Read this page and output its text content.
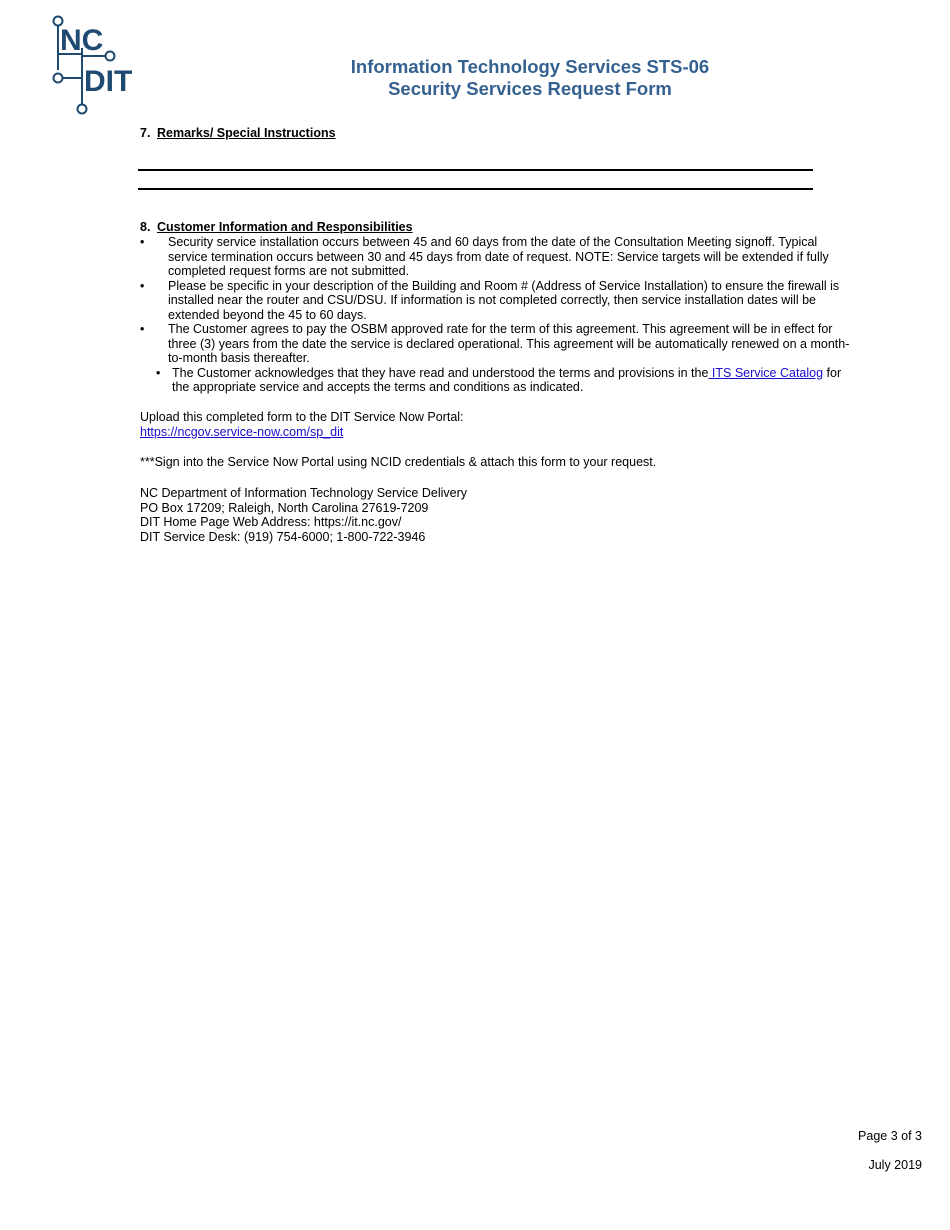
NC
DIT	Information Technology Services STS-06
Security Services Request Form
7. Remarks/ Special Instructions
8. Customer Information and Responsibilities
• Security service installation occurs between 45 and 60 days from the date of the Consultation Meeting signoff. Typical service termination occurs between 30 and 45 days from date of request. NOTE: Service targets will be extended if fully completed request forms are not submitted.
• Please be specific in your description of the Building and Room # (Address of Service Installation) to ensure the firewall is installed near the router and CSU/DSU. If information is not completed correctly, then service installation dates will be extended beyond the 45 to 60 days.
• The Customer agrees to pay the OSBM approved rate for the term of this agreement. This agreement will be in effect for three (3) years from the date the service is declared operational. This agreement will be automatically renewed on a month-to-month basis thereafter.
• The Customer acknowledges that they have read and understood the terms and provisions in the ITS Service Catalog for the appropriate service and accepts the terms and conditions as indicated.
Upload this completed form to the DIT Service Now Portal:
https://ncgov.service-now.com/sp_dit
***Sign into the Service Now Portal using NCID credentials & attach this form to your request.
NC Department of Information Technology Service Delivery
PO Box 17209; Raleigh, North Carolina 27619-7209
DIT Home Page Web Address: https://it.nc.gov/
DIT Service Desk: (919) 754-6000; 1-800-722-3946
Page 3 of 3
July 2019
